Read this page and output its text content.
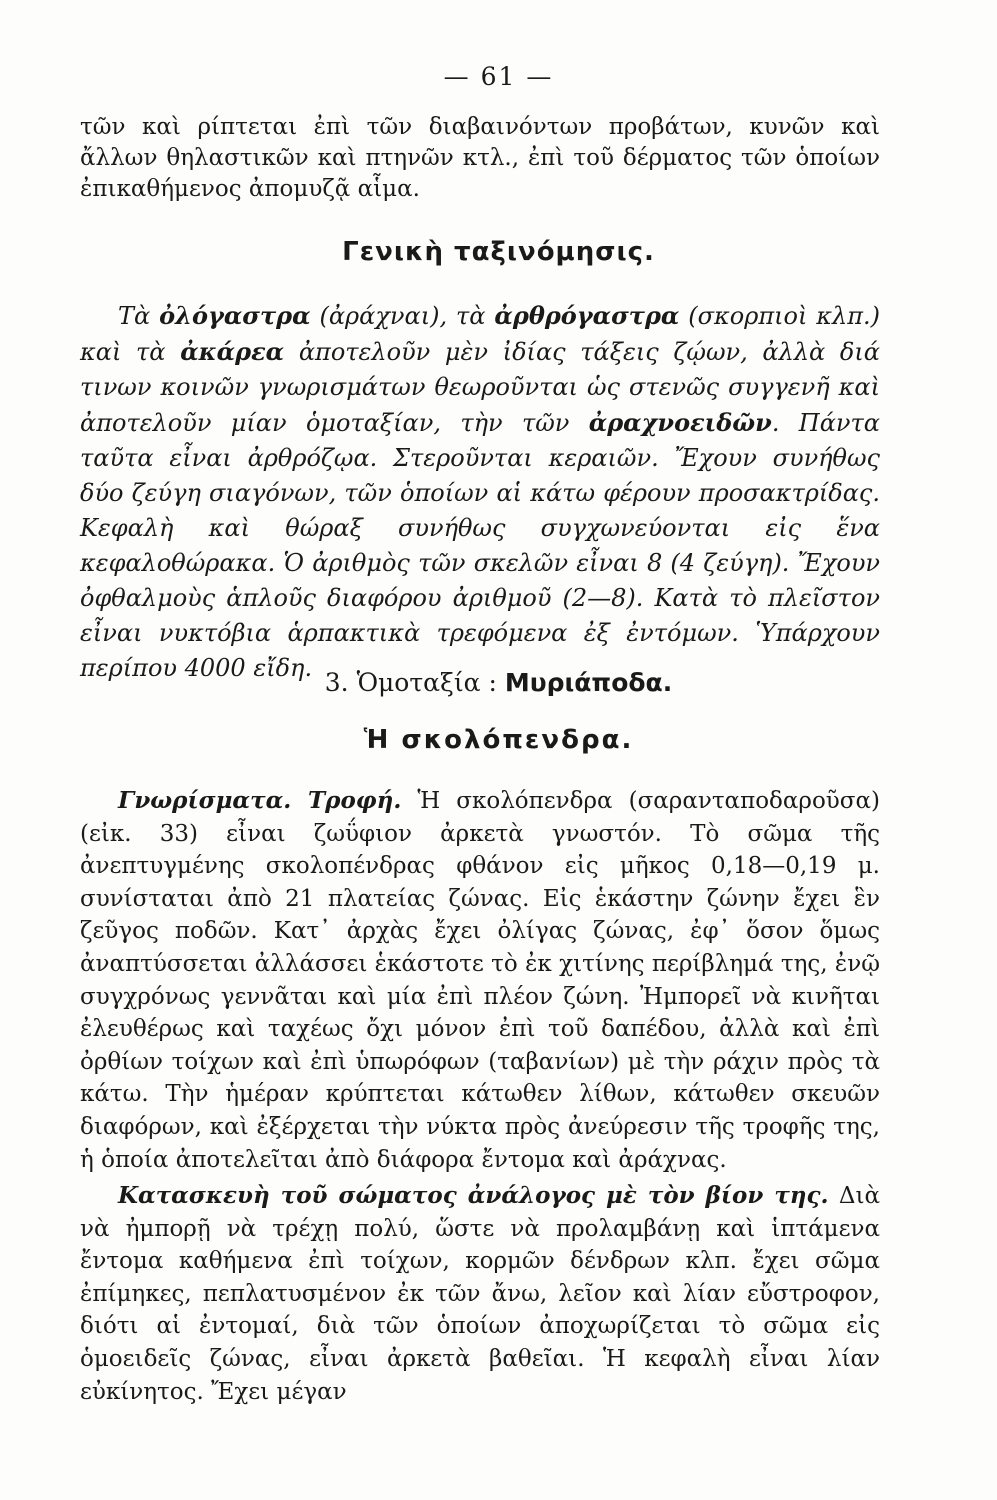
— 61 —
τῶν καὶ ρίπτεται ἐπὶ τῶν διαβαινόντων προβάτων, κυνῶν καὶ ἄλλων θηλαστικῶν καὶ πτηνῶν κτλ., ἐπὶ τοῦ δέρματος τῶν ὁποίων ἐπικαθήμενος ἀπομυζᾷ αἷμα.
Γενικὴ ταξινόμησις.
Τὰ ὀλόγαστρα (ἀράχναι), τὰ ἀρθρόγαστρα (σκορπιοὶ κλπ.) καὶ τὰ ἀκάρεα ἀποτελοῦν μὲν ἰδίας τάξεις ζῴων, ἀλλὰ διά τινων κοινῶν γνωρισμάτων θεωροῦνται ὡς στενῶς συγγενῆ καὶ ἀποτελοῦν μίαν ὁμοταξίαν, τὴν τῶν ἀραχνοειδῶν. Πάντα ταῦτα εἶναι ἀρθρόζῳα. Στεροῦνται κεραιῶν. Ἔχουν συνήθως δύο ζεύγη σιαγόνων, τῶν ὁποίων αἱ κάτω φέρουν προσακτρίδας. Κεφαλὴ καὶ θώραξ συνήθως συγχωνεύονται εἰς ἕνα κεφαλοθώρακα. Ὁ ἀριθμὸς τῶν σκελῶν εἶναι 8 (4 ζεύγη). Ἔχουν ὀφθαλμοὺς ἁπλοῦς διαφόρου ἀριθμοῦ (2—8). Κατὰ τὸ πλεῖστον εἶναι νυκτόβια ἁρπακτικὰ τρεφόμενα ἐξ ἐντόμων. Ὑπάρχουν περίπου 4000 εἴδη. 3. Ὁμοταξία : Μυριάποδα.
Ἡ σκολόπενδρα.
Γνωρίσματα. Τροφή. Ἡ σκολόπενδρα (σαρανταποδαροῦσα) (εἰκ. 33) εἶναι ζωΰφιον ἀρκετὰ γνωστόν. Τὸ σῶμα τῆς ἀνεπτυγμένης σκολοπένδρας φθάνον εἰς μῆκος 0,18—0,19 μ. συνίσταται ἀπὸ 21 πλατείας ζώνας. Εἰς ἑκάστην ζώνην ἔχει ἓν ζεῦγος ποδῶν. Κατ᾿ ἀρχὰς ἔχει ὀλίγας ζώνας, ἐφ᾿ ὅσον ὅμως ἀναπτύσσεται ἀλλάσσει ἑκάστοτε τὸ ἐκ χιτίνης περίβλημά της, ἐνῷ συγχρόνως γεννᾶται καὶ μία ἐπὶ πλέον ζώνη. Ἠμπορεῖ νὰ κινῆται ἐλευθέρως καὶ ταχέως ὄχι μόνον ἐπὶ τοῦ δαπέδου, ἀλλὰ καὶ ἐπὶ ὀρθίων τοίχων καὶ ἐπὶ ὑπωρόφων (ταβανίων) μὲ τὴν ράχιν πρὸς τὰ κάτω. Τὴν ἡμέραν κρύπτεται κάτωθεν λίθων, κάτωθεν σκευῶν διαφόρων, καὶ ἐξέρχεται τὴν νύκτα πρὸς ἀνεύρεσιν τῆς τροφῆς της, ἡ ὁποία ἀποτελεῖται ἀπὸ διάφορα ἔντομα καὶ ἀράχνας.
Κατασκευὴ τοῦ σώματος ἀνάλογος μὲ τὸν βίον της. Διὰ νὰ ἠμπορῇ νὰ τρέχῃ πολύ, ὥστε νὰ προλαμβάνῃ καὶ ἱπτάμενα ἔντομα καθήμενα ἐπὶ τοίχων, κορμῶν δένδρων κλπ. ἔχει σῶμα ἐπίμηκες, πεπλατυσμένον ἐκ τῶν ἄνω, λεῖον καὶ λίαν εὔστροφον, διότι αἱ ἐντομαί, διὰ τῶν ὁποίων ἀποχωρίζεται τὸ σῶμα εἰς ὁμοειδεῖς ζώνας, εἶναι ἀρκετὰ βαθεῖαι. Ἡ κεφαλὴ εἶναι λίαν εὐκίνητος. Ἔχει μέγαν
